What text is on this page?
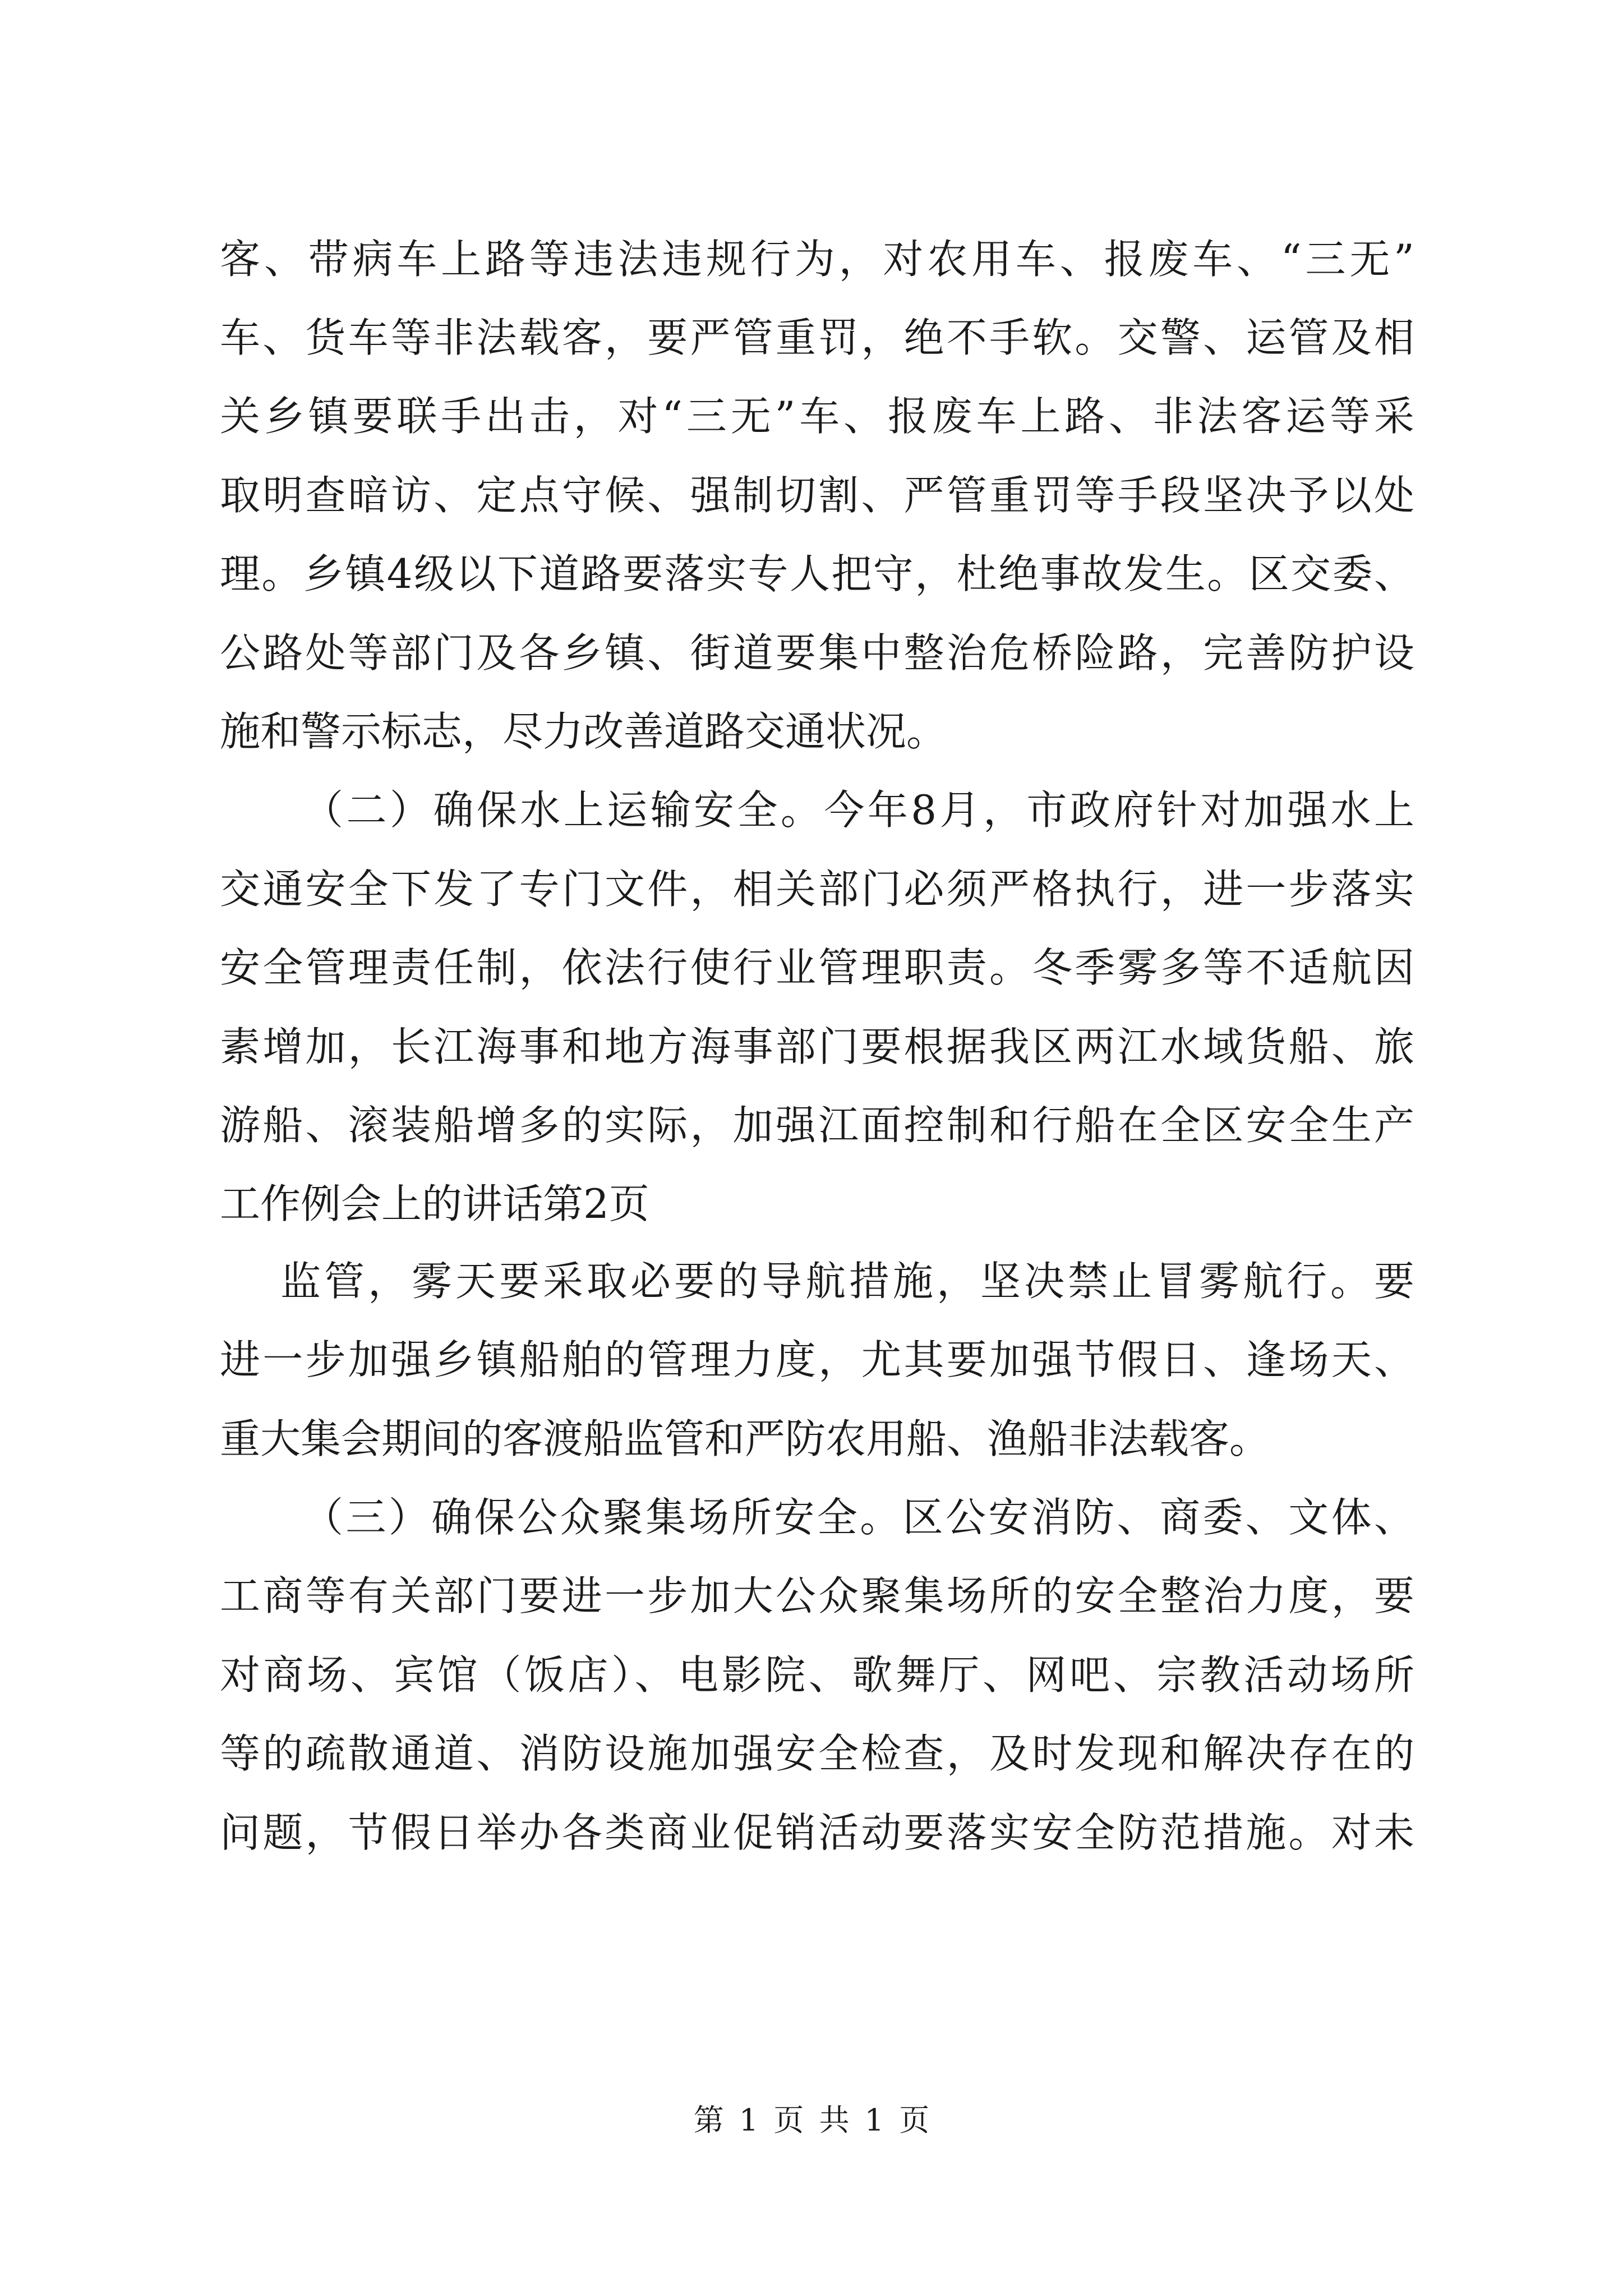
客、带病车上路等违法违规行为，对农用车、报废车、“三无”
车、货车等非法载客，要严管重罚，绝不手软。交警、运管及相
关乡镇要联手出击，对“三无”车、报废车上路、非法客运等采
取明查暗访、定点守候、强制切割、严管重罚等手段坚决予以处
理。乡镇4级以下道路要落实专人把守，杜绝事故发生。区交委、
公路处等部门及各乡镇、街道要集中整治危桥险路，完善防护设
施和警示标志，尽力改善道路交通状况。
（二）确保水上运输安全。今年8月，市政府针对加强水上
交通安全下发了专门文件，相关部门必须严格执行，进一步落实
安全管理责任制，依法行使行业管理职责。冬季雾多等不适航因
素增加，长江海事和地方海事部门要根据我区两江水域货船、旅
游船、滚装船增多的实际，加强江面控制和行船在全区安全生产
工作例会上的讲话第2页
监管，雾天要采取必要的导航措施，坚决禁止冒雾航行。要
进一步加强乡镇船舶的管理力度，尤其要加强节假日、逢场天、
重大集会期间的客渡船监管和严防农用船、渔船非法载客。
（三）确保公众聚集场所安全。区公安消防、商委、文体、
工商等有关部门要进一步加大公众聚集场所的安全整治力度，要
对商场、宾馆（饭店）、电影院、歌舞厅、网吧、宗教活动场所
等的疏散通道、消防设施加强安全检查，及时发现和解决存在的
问题，节假日举办各类商业促销活动要落实安全防范措施。对未
第 1 页 共 1 页
